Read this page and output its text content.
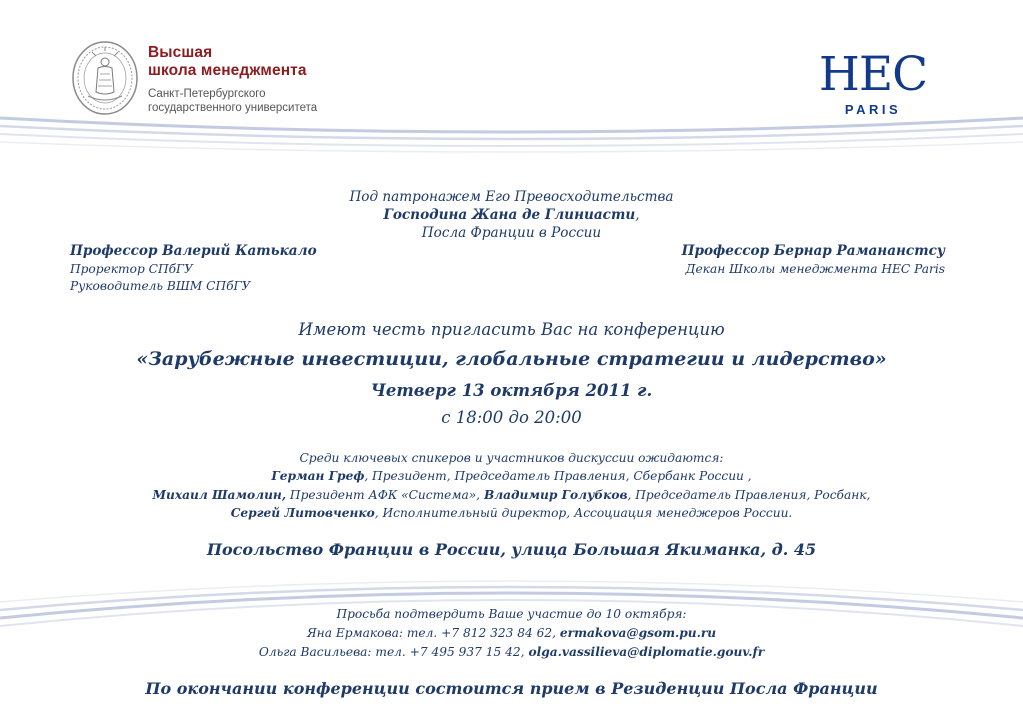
Высшая
школа менеджмента
Санкт-Петербургского
государственного университета
HEC
PARIS
Под патронажем Его Превосходительства
Господина Жана де Глиниасти,
Посла Франции в России
Профессор Валерий Катькало
Проректор СПбГУ
Руководитель ВШМ СПбГУ
Профессор Бернар Рамананстсу
Декан Школы менеджмента HEC Paris
Имеют честь пригласить Вас на конференцию
«Зарубежные инвестиции, глобальные стратегии и лидерство»
Четверг 13 октября 2011 г.
с 18:00 до 20:00
Среди ключевых спикеров и участников дискуссии ожидаются:
Герман Греф, Президент, Председатель Правления, Сбербанк России ,
Михаил Шамолин, Президент АФК «Система», Владимир Голубков, Председатель Правления, Росбанк,
Сергей Литовченко, Исполнительный директор, Ассоциация менеджеров России.
Посольство Франции в России, улица Большая Якиманка, д. 45
Просьба подтвердить Ваше участие до 10 октября:
Яна Ермакова: тел. +7 812 323 84 62, ermakova@gsom.pu.ru
Ольга Васильева: тел. +7 495 937 15 42, olga.vassilieva@diplomatie.gouv.fr
По окончании конференции состоится прием в Резиденции Посла Франции
